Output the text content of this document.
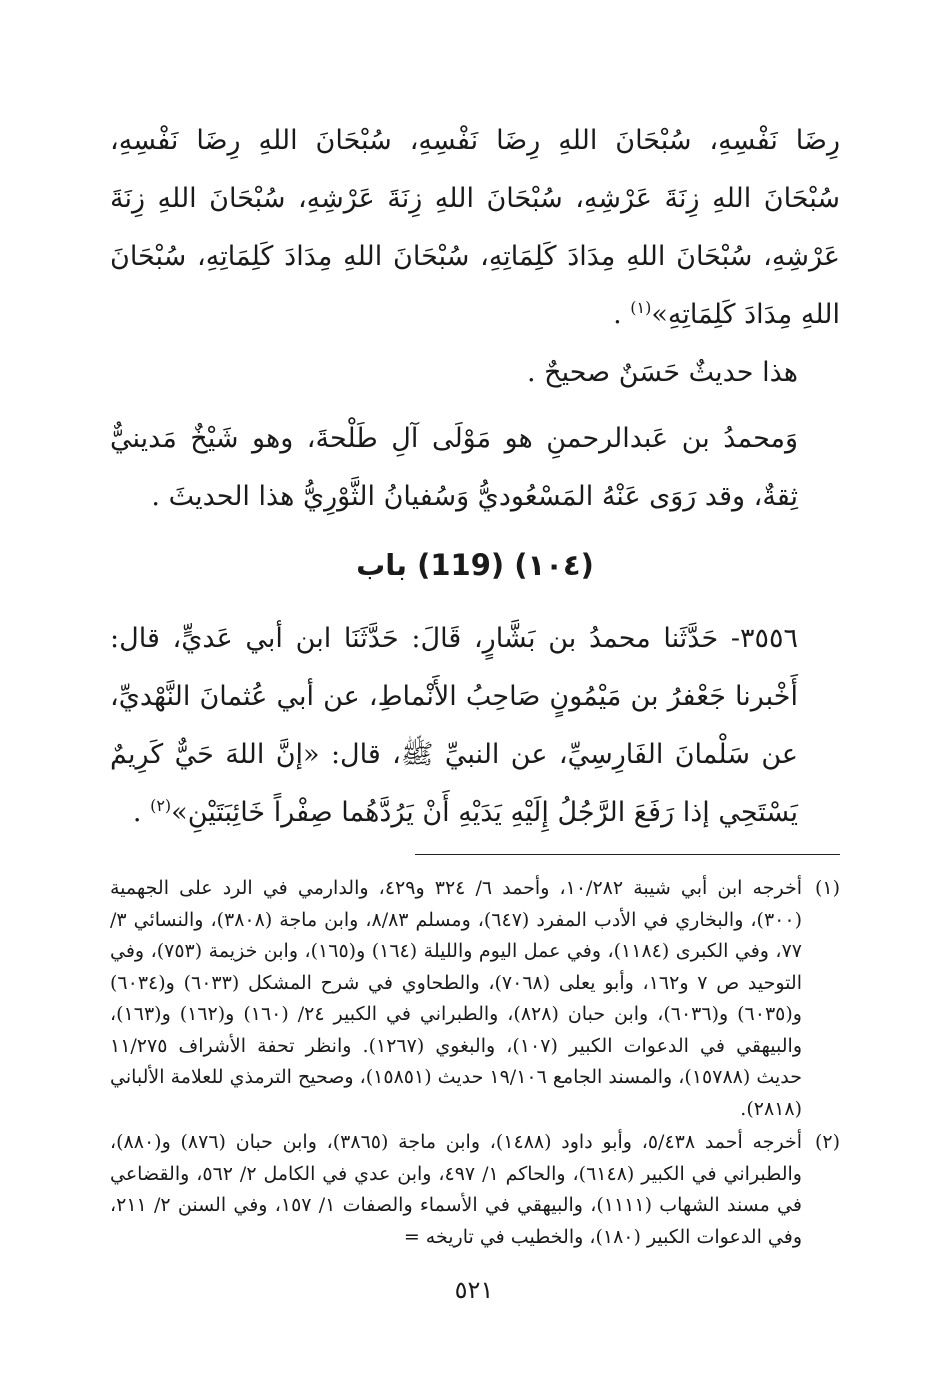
رِضَا نَفْسِهِ، سُبْحَانَ اللهِ رِضَا نَفْسِهِ، سُبْحَانَ اللهِ رِضَا نَفْسِهِ، سُبْحَانَ اللهِ زِنَةَ عَرْشِهِ، سُبْحَانَ اللهِ زِنَةَ عَرْشِهِ، سُبْحَانَ اللهِ زِنَةَ عَرْشِهِ، سُبْحَانَ اللهِ مِدَادَ كَلِمَاتِهِ، سُبْحَانَ اللهِ مِدَادَ كَلِمَاتِهِ، سُبْحَانَ اللهِ مِدَادَ كَلِمَاتِهِ»$^{(١)}$ .

هذا حديثٌ حَسَنٌ صحيحٌ .

وَمحمدُ بن عَبدالرحمنِ هو مَوْلَى آلِ طَلْحةَ، وهو شَيْخٌ مَدينيٌّ ثِقةٌ، وقد رَوَى عَنْهُ المَسْعُوديُّ وَسُفيانُ الثَّوْرِيُّ هذا الحديثَ .

(١٠٤) (119) باب

٣٥٥٦- حَدَّثَنا محمدُ بن بَشَّارٍ، قَالَ: حَدَّثَنَا ابن أبي عَديٍّ، قال: أَخْبرنا جَعْفرُ بن مَيْمُونٍ صَاحِبُ الأَنْماطِ، عن أبي عُثمانَ النَّهْديِّ، عن سَلْمانَ الفَارِسِيِّ، عن النبيِّ ﷺ، قال: «إنَّ اللهَ حَيٌّ كَرِيمٌ يَسْتَحِي إذا رَفَعَ الرَّجُلُ إِلَيْهِ يَدَيْهِ أَنْ يَرُدَّهُما صِفْراً خَائِبَتَيْنِ»$^{(٢)}$ .

(١)
أخرجه ابن أبي شيبة ١٠/٢٨٢، وأحمد ٦/ ٣٢٤ و٤٢٩، والدارمي في الرد على الجهمية (٣٠٠)، والبخاري في الأدب المفرد (٦٤٧)، ومسلم ٨/٨٣، وابن ماجة (٣٨٠٨)، والنسائي ٣/ ٧٧، وفي الكبرى (١١٨٤)، وفي عمل اليوم والليلة (١٦٤) و(١٦٥)، وابن خزيمة (٧٥٣)، وفي التوحيد ص ٧ و١٦٢، وأبو يعلى (٧٠٦٨)، والطحاوي في شرح المشكل (٦٠٣٣) و(٦٠٣٤) و(٦٠٣٥) و(٦٠٣٦)، وابن حبان (٨٢٨)، والطبراني في الكبير ٢٤/ (١٦٠) و(١٦٢) و(١٦٣)، والبيهقي في الدعوات الكبير (١٠٧)، والبغوي (١٢٦٧). وانظر تحفة الأشراف ١١/٢٧٥ حديث (١٥٧٨٨)، والمسند الجامع ١٩/١٠٦ حديث (١٥٨٥١)، وصحيح الترمذي للعلامة الألباني (٢٨١٨).
(٢)
أخرجه أحمد ٥/٤٣٨، وأبو داود (١٤٨٨)، وابن ماجة (٣٨٦٥)، وابن حبان (٨٧٦) و(٨٨٠)، والطبراني في الكبير (٦١٤٨)، والحاكم ١/ ٤٩٧، وابن عدي في الكامل ٢/ ٥٦٢، والقضاعي في مسند الشهاب (١١١١)، والبيهقي في الأسماء والصفات ١/ ١٥٧، وفي السنن ٢/ ٢١١، وفي الدعوات الكبير (١٨٠)، والخطيب في تاريخه =
٥٢١
